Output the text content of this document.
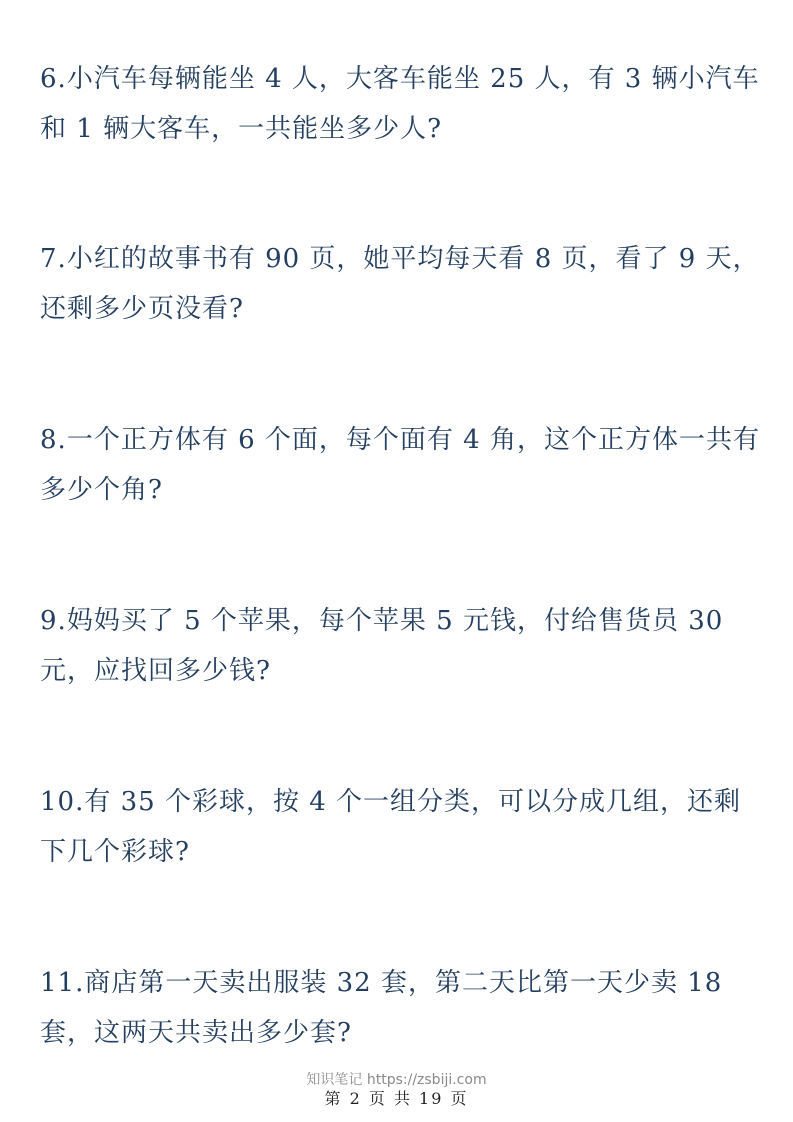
6.小汽车每辆能坐 4 人，大客车能坐 25 人，有 3 辆小汽车和 1 辆大客车，一共能坐多少人?

7.小红的故事书有 90 页，她平均每天看 8 页，看了 9 天，还剩多少页没看?

8.一个正方体有 6 个面，每个面有 4 角，这个正方体一共有多少个角?

9.妈妈买了 5 个苹果，每个苹果 5 元钱，付给售货员 30 元，应找回多少钱?

10.有 35 个彩球，按 4 个一组分类，可以分成几组，还剩下几个彩球?

11.商店第一天卖出服装 32 套，第二天比第一天少卖 18 套，这两天共卖出多少套?

知识笔记 https://zsbiji.com
第 2 页 共 19 页
